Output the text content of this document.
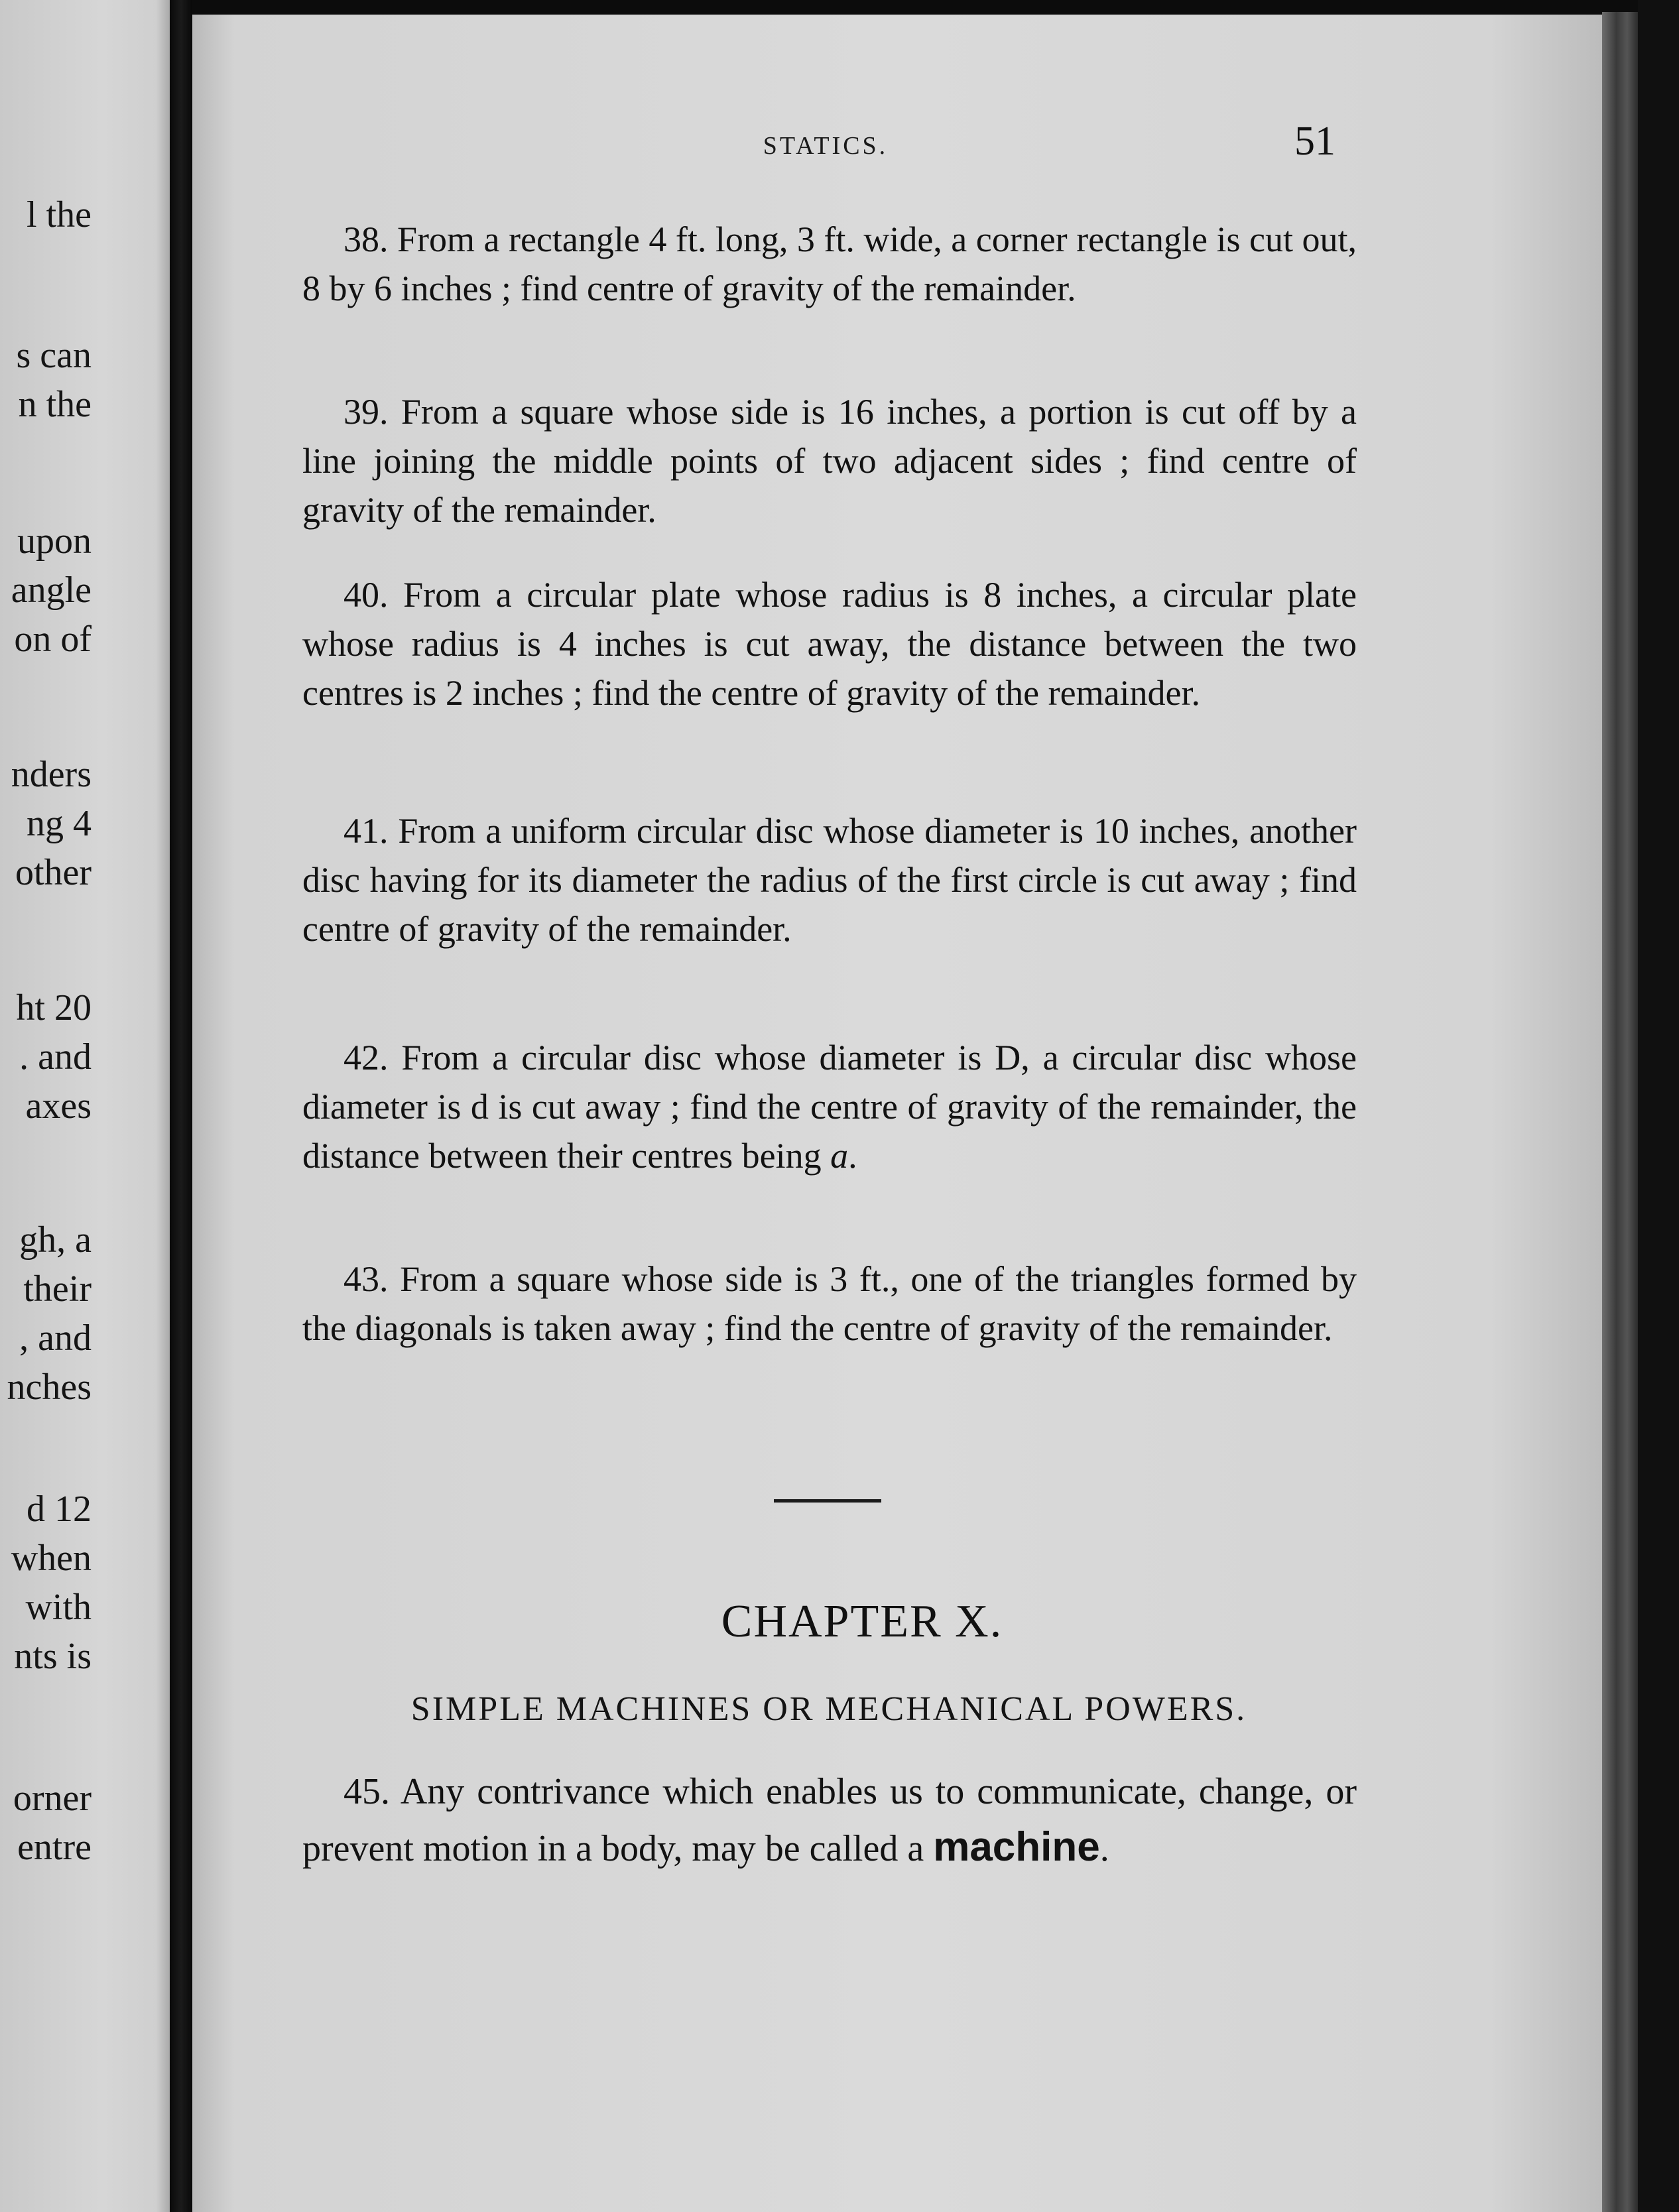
l the
s can
n the
upon
angle
on of
nders
ng 4
other
ht 20
. and
axes
gh, a
their
, and
nches
d 12
when
with
nts is
orner
entre
STATICS.	51

38. From a rectangle 4 ft. long, 3 ft. wide, a corner rectangle is cut out, 8 by 6 inches ; find centre of gravity of the remainder.

39. From a square whose side is 16 inches, a portion is cut off by a line joining the middle points of two adjacent sides ; find centre of gravity of the remainder.

40. From a circular plate whose radius is 8 inches, a circular plate whose radius is 4 inches is cut away, the distance between the two centres is 2 inches ; find the centre of gravity of the remainder.

41. From a uniform circular disc whose diameter is 10 inches, another disc having for its diameter the radius of the first circle is cut away ; find centre of gravity of the remainder.

42. From a circular disc whose diameter is D, a circular disc whose diameter is d is cut away ; find the centre of gravity of the remainder, the distance between their centres being a.

43. From a square whose side is 3 ft., one of the triangles formed by the diagonals is taken away ; find the centre of gravity of the remainder.

CHAPTER X.
SIMPLE MACHINES OR MECHANICAL POWERS.

45. Any contrivance which enables us to communicate, change, or prevent motion in a body, may be called a machine.
